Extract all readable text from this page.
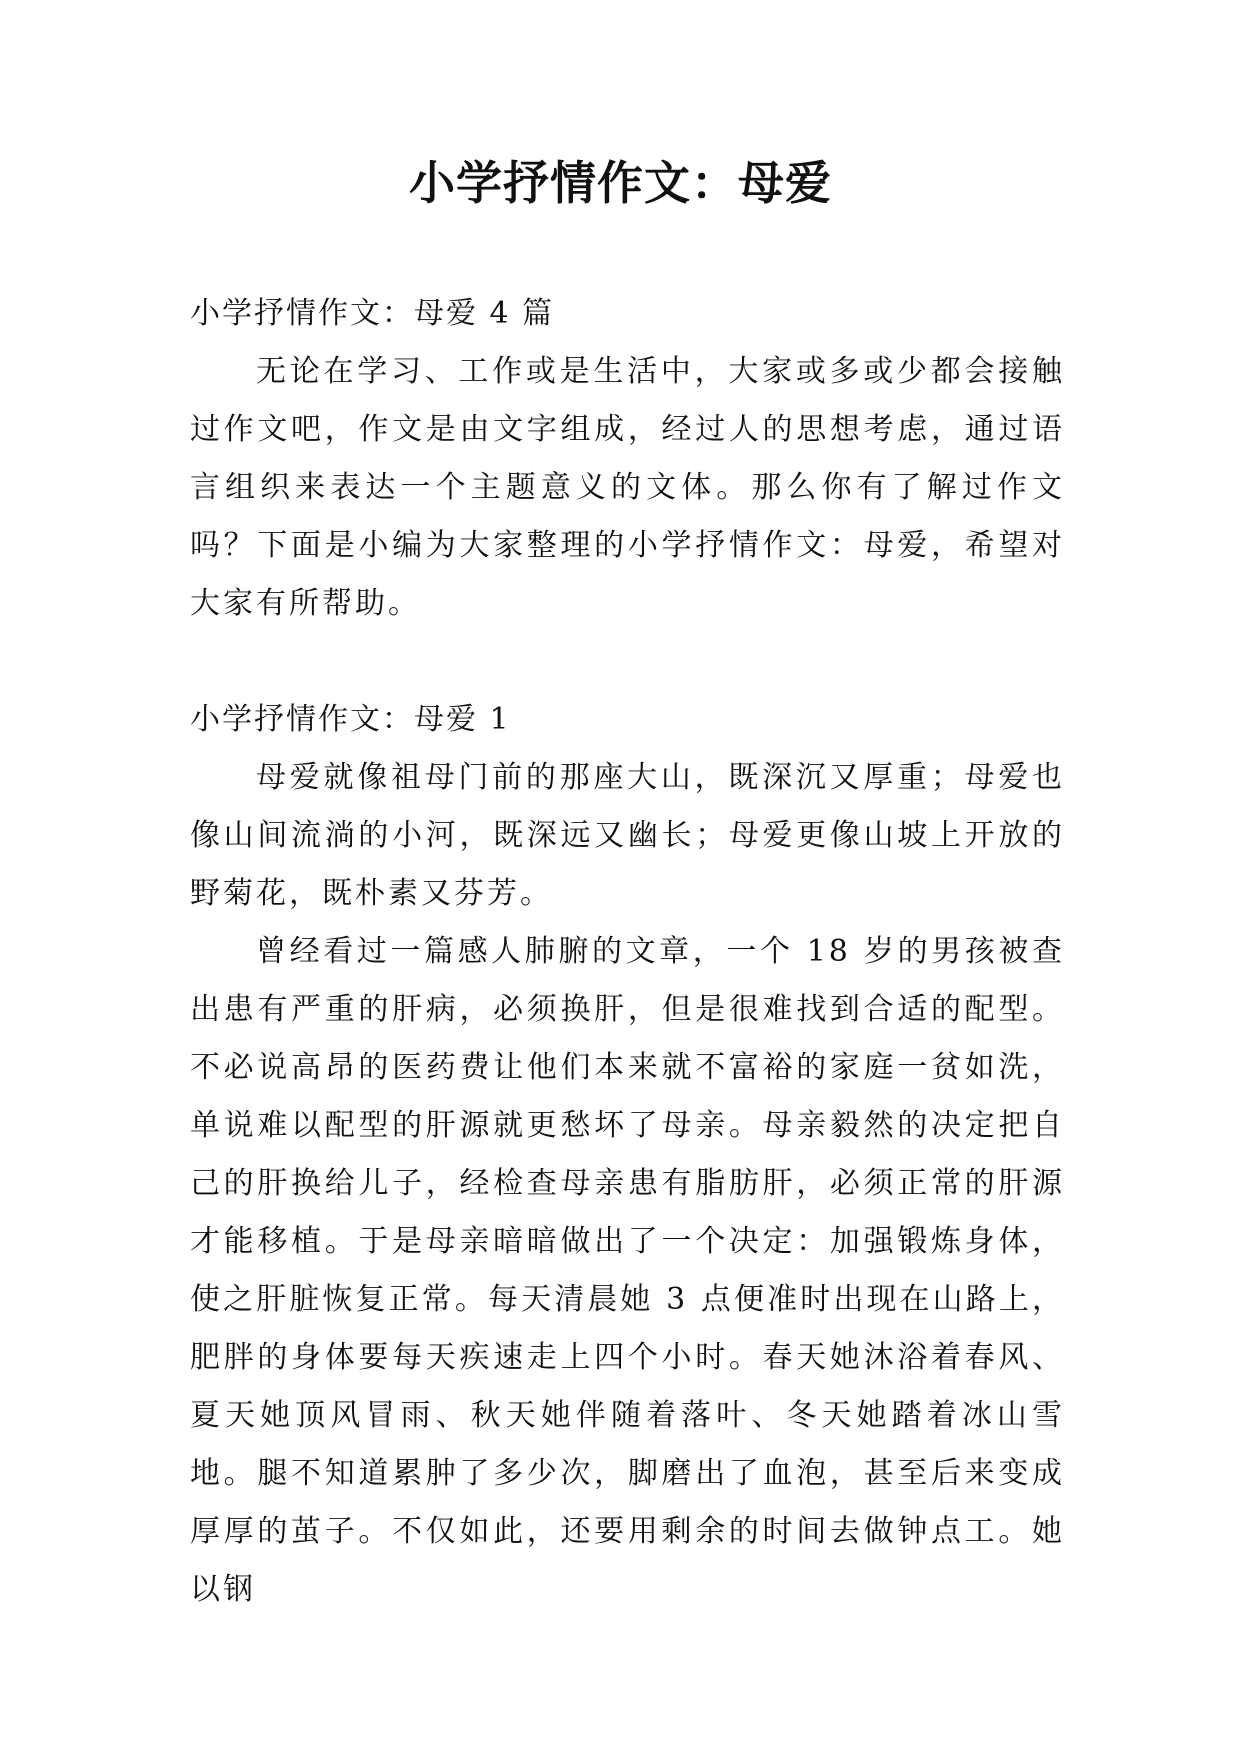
小学抒情作文：母爱

小学抒情作文：母爱 4 篇

无论在学习、工作或是生活中，大家或多或少都会接触过作文吧，作文是由文字组成，经过人的思想考虑，通过语言组织来表达一个主题意义的文体。那么你有了解过作文吗？下面是小编为大家整理的小学抒情作文：母爱，希望对大家有所帮助。

小学抒情作文：母爱 1

母爱就像祖母门前的那座大山，既深沉又厚重；母爱也像山间流淌的小河，既深远又幽长；母爱更像山坡上开放的野菊花，既朴素又芬芳。

曾经看过一篇感人肺腑的文章，一个 18 岁的男孩被查出患有严重的肝病，必须换肝，但是很难找到合适的配型。不必说高昂的医药费让他们本来就不富裕的家庭一贫如洗，单说难以配型的肝源就更愁坏了母亲。母亲毅然的决定把自己的肝换给儿子，经检查母亲患有脂肪肝，必须正常的肝源才能移植。于是母亲暗暗做出了一个决定：加强锻炼身体，使之肝脏恢复正常。每天清晨她 3 点便准时出现在山路上，肥胖的身体要每天疾速走上四个小时。春天她沐浴着春风、夏天她顶风冒雨、秋天她伴随着落叶、冬天她踏着冰山雪地。腿不知道累肿了多少次，脚磨出了血泡，甚至后来变成厚厚的茧子。不仅如此，还要用剩余的时间去做钟点工。她以钢
